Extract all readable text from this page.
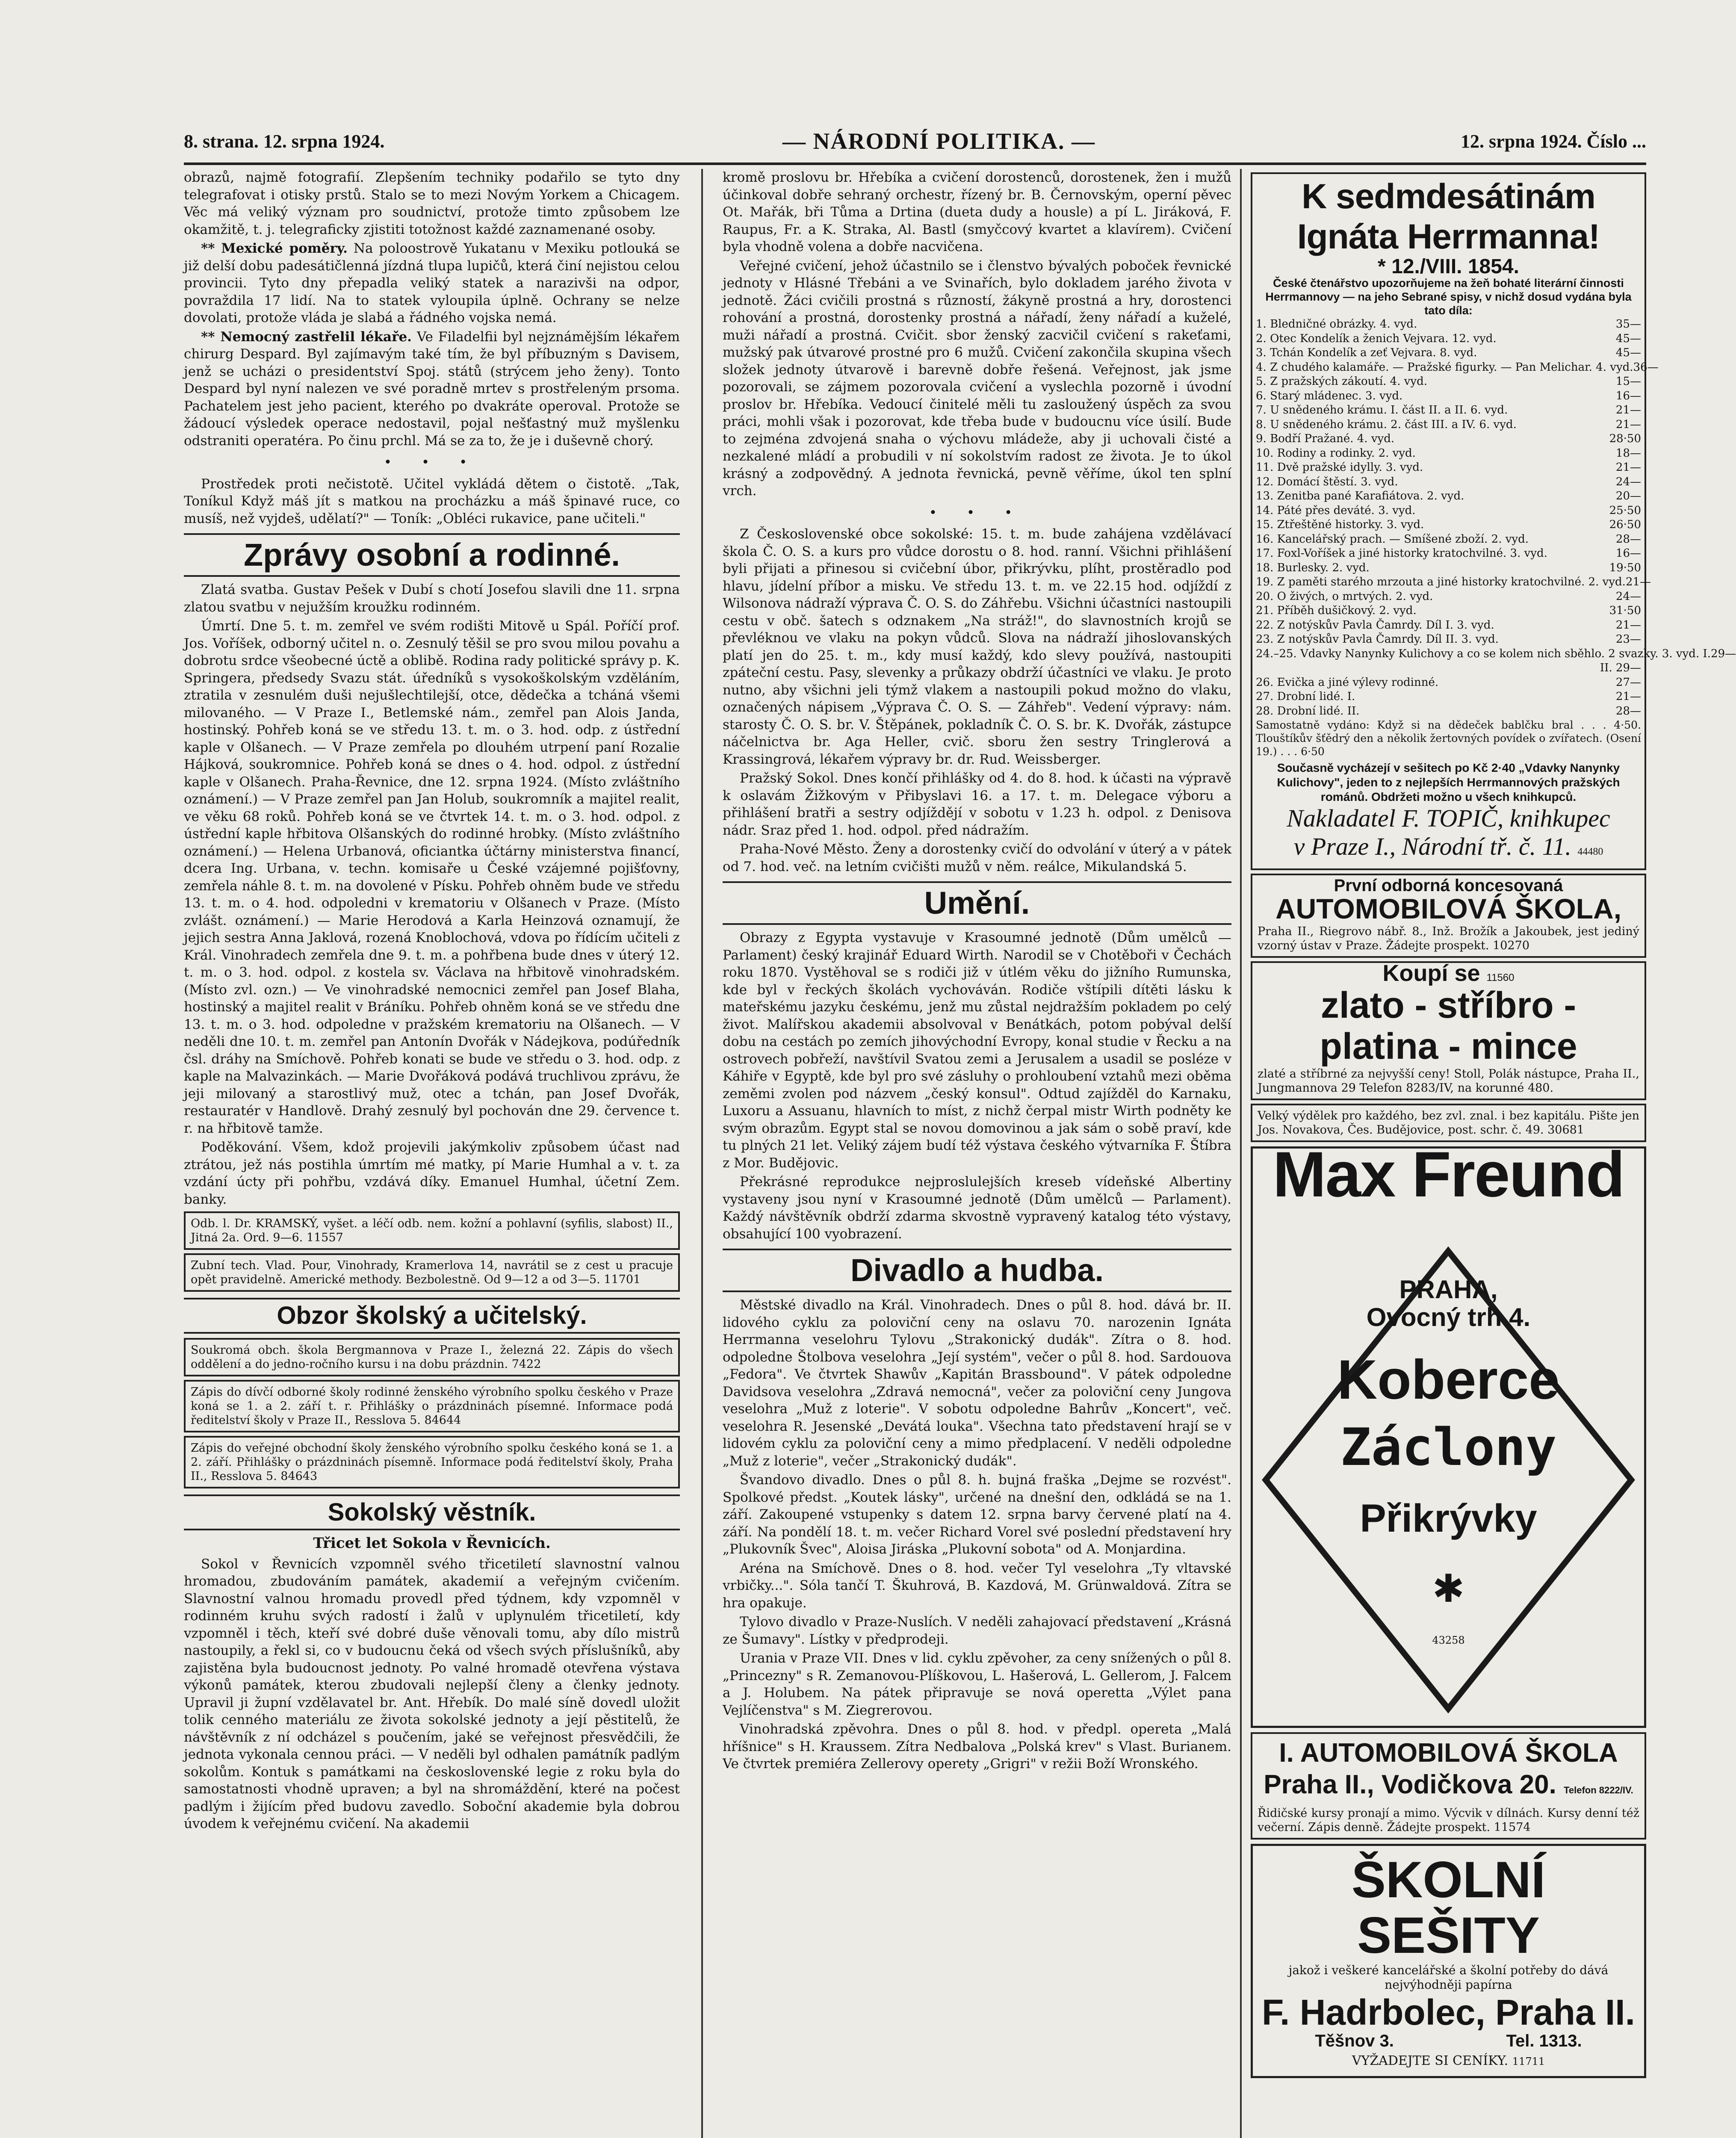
8. strana. 12. srpna 1924.	— NÁRODNÍ POLITIKA. —	12. srpna 1924. Číslo ...

obrazů, najmě fotografií. Zlepšením techniky podařilo se tyto dny telegrafovat i otisky prstů. Stalo se to mezi Novým Yorkem a Chicagem. Věc má veliký význam pro soudnictví, protože timto způsobem lze okamžitě, t. j. telegraficky zjistiti totožnost každé zaznamenané osoby.

** Mexické poměry. Na poloostrově Yukatanu v Mexiku potlouká se již delší dobu padesátičlenná jízdná tlupa lupičů, která činí nejistou celou provincii. Tyto dny přepadla veliký statek a narazivši na odpor, povraždila 17 lidí. Na to statek vyloupila úplně. Ochrany se nelze dovolati, protože vláda je slabá a řádného vojska nemá.

** Nemocný zastřelil lékaře. Ve Filadelfii byl nejznámějším lékařem chirurg Despard. Byl zajímavým také tím, že byl příbuzným s Davisem, jenž se ucházi o presidentství Spoj. států (strýcem jeho ženy). Tonto Despard byl nyní nalezen ve své poradně mrtev s prostřeleným prsoma. Pachatelem jest jeho pacient, kterého po dvakráte operoval. Protože se žádoucí výsledek operace nedostavil, pojal nešťastný muž myšlenku odstraniti operatéra. Po činu prchl. Má se za to, že je i duševně chorý.

• • •

Prostředek proti nečistotě. Učitel vykládá dětem o čistotě. „Tak, Toníkul Když máš jít s matkou na procházku a máš špinavé ruce, co musíš, než vyjdeš, udělatí?" — Toník: „Obléci rukavice, pane učiteli."

Zprávy osobní a rodinné.

Zlatá svatba. Gustav Pešek v Dubí s chotí Josefou slavili dne 11. srpna zlatou svatbu v nejužším kroužku rodinném.

Úmrtí. Dne 5. t. m. zemřel ve svém rodišti Mitově u Spál. Poříčí prof. Jos. Voříšek, odborný učitel n. o. Zesnulý těšil se pro svou milou povahu a dobrotu srdce všeobecné úctě a oblibě. Rodina rady politické správy p. K. Springera, předsedy Svazu stát. úředníků s vysokoškolským vzděláním, ztratila v zesnulém duši nejušlechtilejší, otce, dědečka a tcháná všemi milovaného. — V Praze I., Betlemské nám., zemřel pan Alois Janda, hostinský. Pohřeb koná se ve středu 13. t. m. o 3. hod. odp. z ústřední kaple v Olšanech. — V Praze zemřela po dlouhém utrpení paní Rozalie Hájková, soukromnice. Pohřeb koná se dnes o 4. hod. odpol. z ústřední kaple v Olšanech. Praha-Řevnice, dne 12. srpna 1924. (Místo zvláštního oznámení.) — V Praze zemřel pan Jan Holub, soukromník a majitel realit, ve věku 68 roků. Pohřeb koná se ve čtvrtek 14. t. m. o 3. hod. odpol. z ústřední kaple hřbitova Olšanských do rodinné hrobky. (Místo zvláštního oznámení.) — Helena Urbanová, oficiantka účtárny ministerstva financí, dcera Ing. Urbana, v. techn. komisaře u České vzájemné pojišťovny, zemřela náhle 8. t. m. na dovolené v Písku. Pohřeb ohněm bude ve středu 13. t. m. o 4. hod. odpoledni v krematoriu v Olšanech v Praze. (Místo zvlášt. oznámení.) — Marie Herodová a Karla Heinzová oznamují, že jejich sestra Anna Jaklová, rozená Knoblochová, vdova po řídícím učiteli z Král. Vinohradech zemřela dne 9. t. m. a pohřbena bude dnes v úterý 12. t. m. o 3. hod. odpol. z kostela sv. Václava na hřbitově vinohradském. (Místo zvl. ozn.) — Ve vinohradské nemocnici zemřel pan Josef Blaha, hostinský a majitel realit v Bráníku. Pohřeb ohněm koná se ve středu dne 13. t. m. o 3. hod. odpoledne v pražském krematoriu na Olšanech. — V neděli dne 10. t. m. zemřel pan Antonín Dvořák v Nádejkova, podúředník čsl. dráhy na Smíchově. Pohřeb konati se bude ve středu o 3. hod. odp. z kaple na Malvazinkách. — Marie Dvořáková podává truchlivou zprávu, že jeji milovaný a starostlivý muž, otec a tchán, pan Josef Dvořák, restauratér v Handlově. Drahý zesnulý byl pochován dne 29. července t. r. na hřbitově tamže.

Poděkování. Všem, kdož projevili jakýmkoliv způsobem účast nad ztrátou, jež nás postihla úmrtím mé matky, pí Marie Humhal a v. t. za vzdání úcty při pohřbu, vzdává díky. Emanuel Humhal, účetní Zem. banky.

Odb. l. Dr. KRAMSKÝ, vyšet. a léčí odb. nem. kožní a pohlavní (syfilis, slabost) II., Jitná 2a. Ord. 9—6. 11557
Zubní tech. Vlad. Pour, Vinohrady, Kramerlova 14, navrátil se z cest u pracuje opět pravidelně. Americké methody. Bezbolestně. Od 9—12 a od 3—5. 11701
Obzor školský a učitelský.
Soukromá obch. škola Bergmannova v Praze I., železná 22. Zápis do všech oddělení a do jedno-ročního kursu i na dobu prázdnin. 7422
Zápis do dívčí odborné školy rodinné ženského výrobního spolku českého v Praze koná se 1. a 2. září t. r. Přihlášky o prázdninách písemné. Informace podá ředitelství školy v Praze II., Resslova 5. 84644
Zápis do veřejné obchodní školy ženského výrobního spolku českého koná se 1. a 2. září. Přihlášky o prázdninách písemně. Informace podá ředitelství školy, Praha II., Resslova 5. 84643
Sokolský věstník.
Třicet let Sokola v Řevnicích.

Sokol v Řevnicích vzpomněl svého třicetiletí slavnostní valnou hromadou, zbudováním památek, akademií a veřejným cvičením. Slavnostní valnou hromadu provedl před týdnem, kdy vzpomněl v rodinném kruhu svých radostí i žalů v uplynulém třicetiletí, kdy vzpomněl i těch, kteří své dobré duše věnovali tomu, aby dílo mistrů nastoupily, a řekl si, co v budoucnu čeká od všech svých příslušníků, aby zajistěna byla budoucnost jednoty. Po valné hromadě otevřena výstava výkonů památek, kterou zbudovali nejlepší členy a členky jednoty. Upravil ji župní vzdělavatel br. Ant. Hřebík. Do malé síně dovedl uložit tolik cenného materiálu ze života sokolské jednoty a její pěstitelů, že návštěvník z ní odcházel s poučením, jaké se veřejnost přesvědčili, že jednota vykonala cennou práci. — V neděli byl odhalen památník padlým sokolům. Kontuk s památkami na československé legie z roku byla do samostatnosti vhodně upraven; a byl na shromáždění, které na počest padlým i žijícím před budovu zavedlo. Soboční akademie byla dobrou úvodem k veřejnému cvičení. Na akademii

kromě proslovu br. Hřebíka a cvičení dorostenců, dorostenek, žen i mužů účinkoval dobře sehraný orchestr, řízený br. B. Černovským, operní pěvec Ot. Mařák, bři Tůma a Drtina (dueta dudy a housle) a pí L. Jiráková, F. Raupus, Fr. a K. Straka, Al. Bastl (smyčcový kvartet a klavírem). Cvičení byla vhodně volena a dobře nacvičena.

Veřejné cvičení, jehož účastnilo se i členstvo bývalých poboček řevnické jednoty v Hlásné Třebáni a ve Svinařích, bylo dokladem jarého života v jednotě. Žáci cvičili prostná s růzností, žákyně prostná a hry, dorostenci rohování a prostná, dorostenky prostná a nářadí, ženy nářadí a kuželé, muži nářadí a prostná. Cvičit. sbor ženský zacvičil cvičení s rakeťami, mužský pak útvarové prostné pro 6 mužů. Cvičení zakončila skupina všech složek jednoty útvarově i barevně dobře řešená. Veřejnost, jak jsme pozorovali, se zájmem pozorovala cvičení a vyslechla pozorně i úvodní proslov br. Hřebíka. Vedoucí činitelé měli tu zasloužený úspěch za svou práci, mohli však i pozorovat, kde třeba bude v budoucnu více úsilí. Bude to zejména zdvojená snaha o výchovu mládeže, aby ji uchovali čisté a nezkalené mládí a probudili v ní sokolstvím radost ze života. Je to úkol krásný a zodpovědný. A jednota řevnická, pevně věříme, úkol ten splní vrch.

• • •

Z Československé obce sokolské: 15. t. m. bude zahájena vzdělávací škola Č. O. S. a kurs pro vůdce dorostu o 8. hod. ranní. Všichni přihlášení byli přijati a přinesou si cvičební úbor, přikrývku, plíht, prostěradlo pod hlavu, jídelní příbor a misku. Ve středu 13. t. m. ve 22.15 hod. odjíždí z Wilsonova nádraží výprava Č. O. S. do Záhřebu. Všichni účastníci nastoupili cestu v obč. šatech s odznakem „Na stráž!", do slavnostních krojů se převléknou ve vlaku na pokyn vůdců. Slova na nádraží jihoslovanských platí jen do 25. t. m., kdy musí každý, kdo slevy používá, nastoupiti zpáteční cestu. Pasy, slevenky a průkazy obdrží účastníci ve vlaku. Je proto nutno, aby všichni jeli týmž vlakem a nastoupili pokud možno do vlaku, označených nápisem „Výprava Č. O. S. — Záhřeb". Vedení výpravy: nám. starosty Č. O. S. br. V. Štěpánek, pokladník Č. O. S. br. K. Dvořák, zástupce náčelnictva br. Aga Heller, cvič. sboru žen sestry Tringlerová a Krassingrová, lékařem výpravy br. dr. Rud. Weissberger.

Pražský Sokol. Dnes končí přihlášky od 4. do 8. hod. k účasti na výpravě k oslavám Žižkovým v Přibyslavi 16. a 17. t. m. Delegace výboru a přihlášení bratři a sestry odjíždějí v sobotu v 1.23 h. odpol. z Denisova nádr. Sraz před 1. hod. odpol. před nádražím.

Praha-Nové Město. Ženy a dorostenky cvičí do odvolání v úterý a v pátek od 7. hod. več. na letním cvičišti mužů v něm. reálce, Mikulandská 5.

Umění.

Obrazy z Egypta vystavuje v Krasoumné jednotě (Dům umělců — Parlament) český krajinář Eduard Wirth. Narodil se v Chotěboři v Čechách roku 1870. Vystěhoval se s rodiči již v útlém věku do jižního Rumunska, kde byl v řeckých školách vychováván. Rodiče vštípili dítěti lásku k mateřskému jazyku českému, jenž mu zůstal nejdražším pokladem po celý život. Malířskou akademii absolvoval v Benátkách, potom pobýval delší dobu na cestách po zemích jihovýchodní Evropy, konal studie v Řecku a na ostrovech pobřeží, navštívil Svatou zemi a Jerusalem a usadil se posléze v Káhiře v Egyptě, kde byl pro své zásluhy o prohloubení vztahů mezi oběma zeměmi zvolen pod názvem „český konsul". Odtud zajížděl do Karnaku, Luxoru a Assuanu, hlavních to míst, z nichž čerpal mistr Wirth podněty ke svým obrazům. Egypt stal se novou domovinou a jak sám o sobě praví, kde tu plných 21 let. Veliký zájem budí též výstava českého výtvarníka F. Štíbra z Mor. Budějovic.

Překrásné reprodukce nejproslulejších kreseb vídeňské Albertiny vystaveny jsou nyní v Krasoumné jednotě (Dům umělců — Parlament). Každý návštěvník obdrží zdarma skvostně vypravený katalog této výstavy, obsahující 100 vyobrazení.

Divadlo a hudba.

Městské divadlo na Král. Vinohradech. Dnes o půl 8. hod. dává br. II. lidového cyklu za poloviční ceny na oslavu 70. narozenin Ignáta Herrmanna veselohru Tylovu „Strakonický dudák". Zítra o 8. hod. odpoledne Štolbova veselohra „Její systém", večer o půl 8. hod. Sardouova „Fedora". Ve čtvrtek Shawův „Kapitán Brassbound". V pátek odpoledne Davidsova veselohra „Zdravá nemocná", večer za poloviční ceny Jungova veselohra „Muž z loterie". V sobotu odpoledne Bahrův „Koncert", več. veselohra R. Jesenské „Devátá louka". Všechna tato představení hrají se v lidovém cyklu za poloviční ceny a mimo předplacení. V neděli odpoledne „Muž z loterie", večer „Strakonický dudák".

Švandovo divadlo. Dnes o půl 8. h. bujná fraška „Dejme se rozvést". Spolkové předst. „Koutek lásky", určené na dnešní den, odkládá se na 1. září. Zakoupené vstupenky s datem 12. srpna barvy červené platí na 4. září. Na pondělí 18. t. m. večer Richard Vorel své poslední představení hry „Plukovník Švec", Aloisa Jiráska „Plukovní sobota" od A. Monjardina.

Aréna na Smíchově. Dnes o 8. hod. večer Tyl veselohra „Ty vltavské vrbičky...". Sóla tančí T. Škuhrová, B. Kazdová, M. Grünwaldová. Zítra se hra opakuje.

Tylovo divadlo v Praze-Nuslích. V neděli zahajovací představení „Krásná ze Šumavy". Lístky v předprodeji.

Urania v Praze VII. Dnes v lid. cyklu zpěvoher, za ceny snížených o půl 8. „Princezny" s R. Zemanovou-Plíškovou, L. Hašerová, L. Gellerom, J. Falcem a J. Holubem. Na pátek připravuje se nová operetta „Výlet pana Vejlíčenstva" s M. Ziegrerovou.

Vinohradská zpěvohra. Dnes o půl 8. hod. v předpl. opereta „Malá hříšnice" s H. Kraussem. Zítra Nedbalova „Polská krev" s Vlast. Burianem. Ve čtvrtek premiéra Zellerovy operety „Grigri" v režii Boží Wronského.

K sedmdesátinám
Ignáta Herrmanna!
* 12./VIII. 1854.
České čtenářstvo upozorňujeme na žeň bohaté literární činnosti Herrmannovy — na jeho Sebrané spisy, v nichž dosud vydána byla tato díla:
1. Bledničné obrázky. 4. vyd.	35—
2. Otec Kondelík a ženich Vejvara. 12. vyd.	45—
3. Tchán Kondelík a zeť Vejvara. 8. vyd.	45—
4. Z chudého kalamáře. — Pražské figurky. — Pan Melichar. 4. vyd. 36—
5. Z pražských zákoutí. 4. vyd.	15—
6. Starý mládenec. 3. vyd.	16—
7. U snědeného krámu. I. část II. a II. 6. vyd.	21—
8. U snědeného krámu. 2. část III. a IV. 6. vyd.	21—
9. Bodří Pražané. 4. vyd.	28·50
10. Rodiny a rodinky. 2. vyd.	18—
11. Dvě pražské idylly. 3. vyd.	21—
12. Domácí štěstí. 3. vyd.	24—
13. Zenitba pané Karafiátova. 2. vyd.	20—
14. Páté přes deváté. 3. vyd.	25·50
15. Ztřeštěné historky. 3. vyd.	26·50
16. Kancelářský prach. — Smíšené zboží. 2. vyd.	28—
17. Foxl-Voříšek a jiné historky kratochvilné. 3. vyd.	16—
18. Burlesky. 2. vyd.	19·50
19. Z paměti starého mrzouta a jiné historky kratochvilné. 2. vyd. 21—
20. O živých, o mrtvých. 2. vyd.	24—
21. Příběh dušičkový. 2. vyd.	31·50
22. Z notýskův Pavla Čamrdy. Díl I. 3. vyd.	21—
23. Z notýskův Pavla Čamrdy. Díl II. 3. vyd.	23—
24.–25. Vdavky Nanynky Kulichovy a co se kolem nich sběhlo. 2 svazky. 3. vyd. I. 29—
II. 29—
26. Evička a jiné výlevy rodinné.	27—
27. Drobní lidé. I.	21—
28. Drobní lidé. II.	28—
Samostatně vydáno: Když si na dědeček bablčku bral . . . 4·50. Tlouštíkův šťědrý den a několik žertovných povídek o zvířatech. (Osení 19.) . . . 6·50
Současně vycházejí v sešitech po Kč 2·40 „Vdavky Nanynky Kulichovy", jeden to z nejlepších Herrmannových pražských románů. Obdržeti možno u všech knihkupců.
Nakladatel F. TOPIČ, knihkupec
v Praze I., Národní tř. č. 11. 44480
První odborná koncesovaná
AUTOMOBILOVÁ ŠKOLA,
Praha II., Riegrovo nábř. 8., Inž. Brožík a Jakoubek, jest jediný vzorný ústav v Praze. Žádejte prospekt. 10270
Koupí se 11560
zlato - stříbro -
platina - mince
zlaté a stříbrné za nejvyšší ceny! Stoll, Polák nástupce, Praha II., Jungmannova 29 Telefon 8283/IV, na korunné 480.
Velký výdělek pro každého, bez zvl. znal. i bez kapitálu. Pište jen Jos. Novakova, Čes. Budějovice, post. schr. č. 49. 30681
Max Freund
PRAHA,
Ovocný trh 4.
Koberce
Záclony
Přikrývky
✱
43258
I. AUTOMOBILOVÁ ŠKOLA
Praha II., Vodičkova 20. Telefon 8222/IV.
Řidičské kursy pronají a mimo. Výcvik v dílnách. Kursy denní též večerní. Zápis denně. Žádejte prospekt. 11574
ŠKOLNÍ SEŠITY
jakož i veškeré kancelářské a školní potřeby do dává nejvýhodněji papírna
F. Hadrbolec, Praha II.
Těšnov 3.	Tel. 1313.
VYŽADEJTE SI CENÍKY. 11711
